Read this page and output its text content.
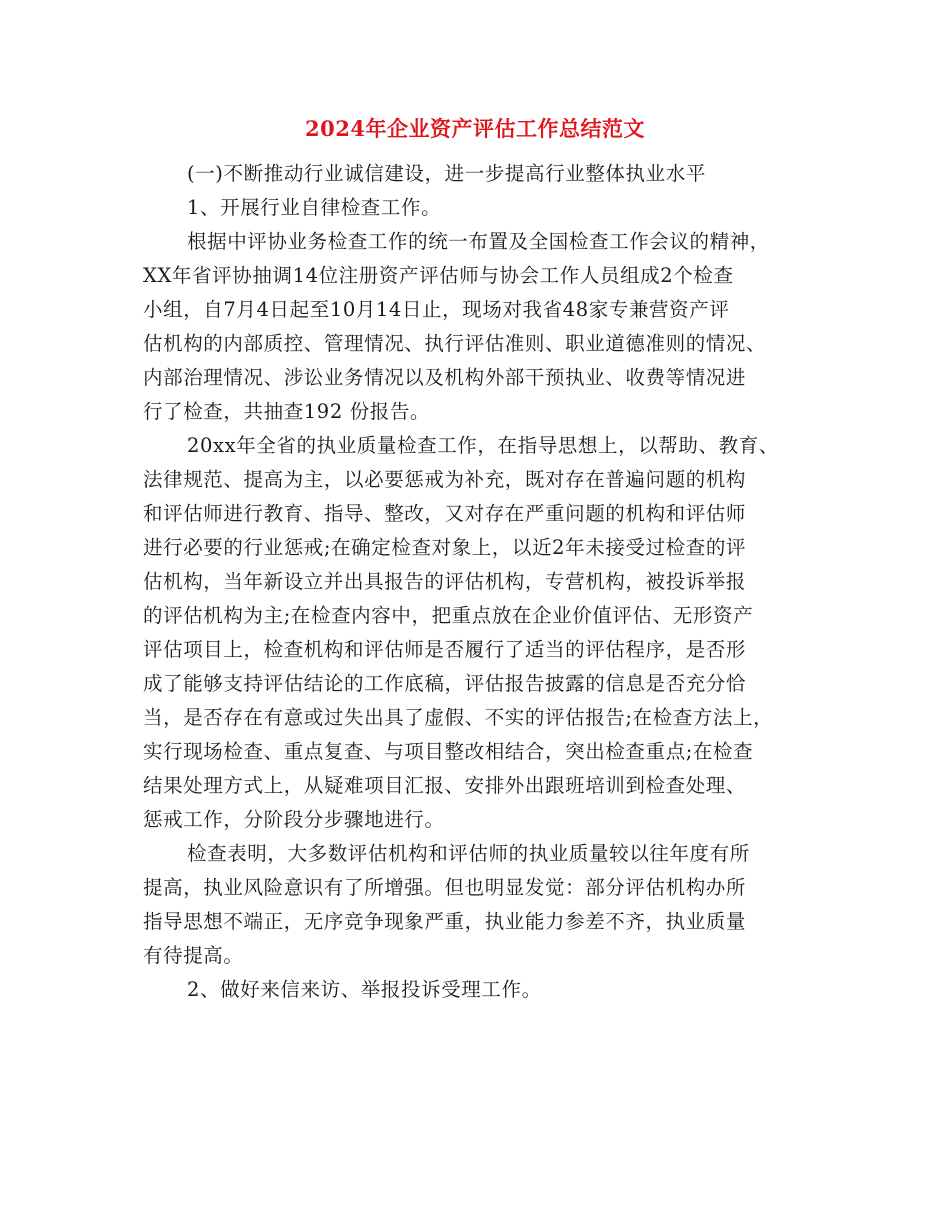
2024年企业资产评估工作总结范文

(一)不断推动行业诚信建设，进一步提高行业整体执业水平

1、开展行业自律检查工作。

根据中评协业务检查工作的统一布置及全国检查工作会议的精神，
XX年省评协抽调14位注册资产评估师与协会工作人员组成2个检查
小组，自7月4日起至10月14日止，现场对我省48家专兼营资产评
估机构的内部质控、管理情况、执行评估准则、职业道德准则的情况、
内部治理情况、涉讼业务情况以及机构外部干预执业、收费等情况进
行了检查，共抽查192 份报告。

20xx年全省的执业质量检查工作，在指导思想上，以帮助、教育、
法律规范、提高为主，以必要惩戒为补充，既对存在普遍问题的机构
和评估师进行教育、指导、整改，又对存在严重问题的机构和评估师
进行必要的行业惩戒;在确定检查对象上，以近2年未接受过检查的评
估机构，当年新设立并出具报告的评估机构，专营机构，被投诉举报
的评估机构为主;在检查内容中，把重点放在企业价值评估、无形资产
评估项目上，检查机构和评估师是否履行了适当的评估程序，是否形
成了能够支持评估结论的工作底稿，评估报告披露的信息是否充分恰
当，是否存在有意或过失出具了虚假、不实的评估报告;在检查方法上，
实行现场检查、重点复查、与项目整改相结合，突出检查重点;在检查
结果处理方式上，从疑难项目汇报、安排外出跟班培训到检查处理、
惩戒工作，分阶段分步骤地进行。

检查表明，大多数评估机构和评估师的执业质量较以往年度有所
提高，执业风险意识有了所增强。但也明显发觉：部分评估机构办所
指导思想不端正，无序竞争现象严重，执业能力参差不齐，执业质量
有待提高。

2、做好来信来访、举报投诉受理工作。
